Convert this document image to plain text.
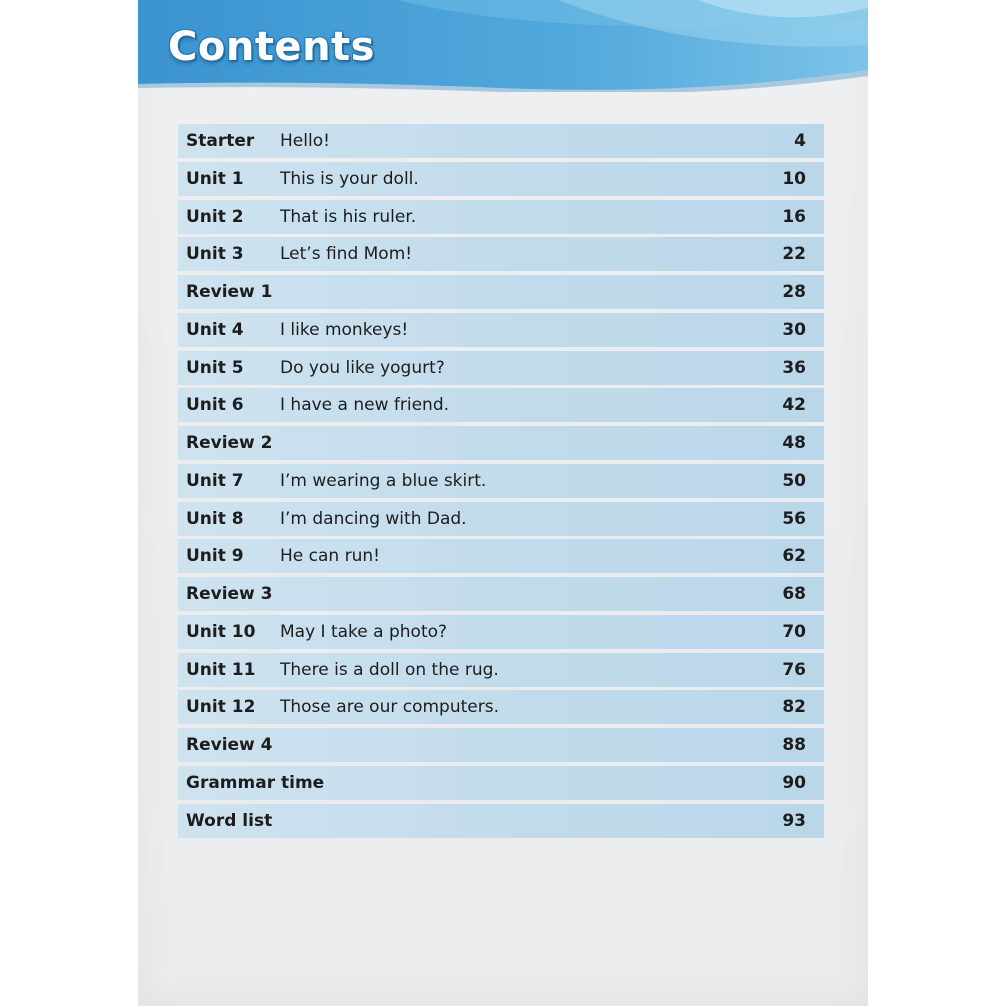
Contents
Starter Hello!	4
Unit 1 This is your doll.	10
Unit 2 That is his ruler.	16
Unit 3 Let’s find Mom!	22
Review 1	28
Unit 4 I like monkeys!	30
Unit 5 Do you like yogurt?	36
Unit 6 I have a new friend.	42
Review 2	48
Unit 7 I’m wearing a blue skirt.	50
Unit 8 I’m dancing with Dad.	56
Unit 9 He can run!	62
Review 3	68
Unit 10 May I take a photo?	70
Unit 11 There is a doll on the rug.	76
Unit 12 Those are our computers.	82
Review 4	88
Grammar time	90
Word list	93
